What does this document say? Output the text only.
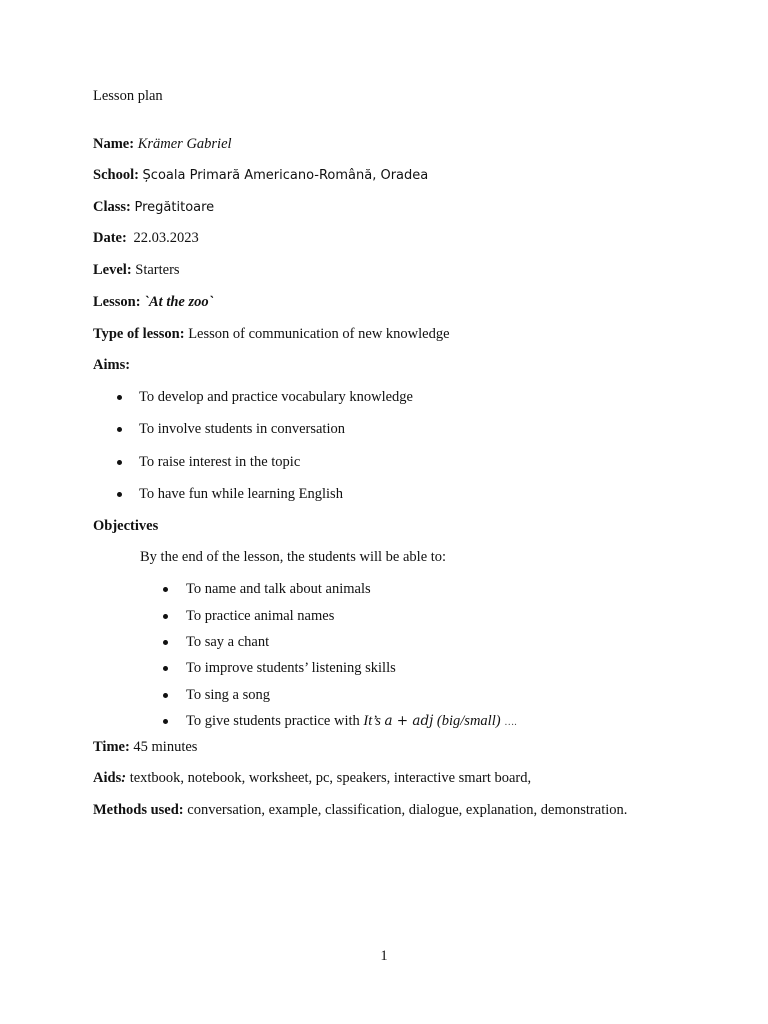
Lesson plan
Name: Krämer Gabriel
School: Școala Primară Americano-Română, Oradea
Class: Pregătitoare
Date: 22.03.2023
Level: Starters
Lesson: `At the zoo`
Type of lesson: Lesson of communication of new knowledge
Aims:
To develop and practice vocabulary knowledge
To involve students in conversation
To raise interest in the topic
To have fun while learning English
Objectives
By the end of the lesson, the students will be able to:
To name and talk about animals
To practice animal names
To say a chant
To improve students’ listening skills
To sing a song
To give students practice with It’s a + adj (big/small) ….
Time: 45 minutes
Aids: textbook, notebook, worksheet, pc, speakers, interactive smart board,
Methods used: conversation, example, classification, dialogue, explanation, demonstration.
1
